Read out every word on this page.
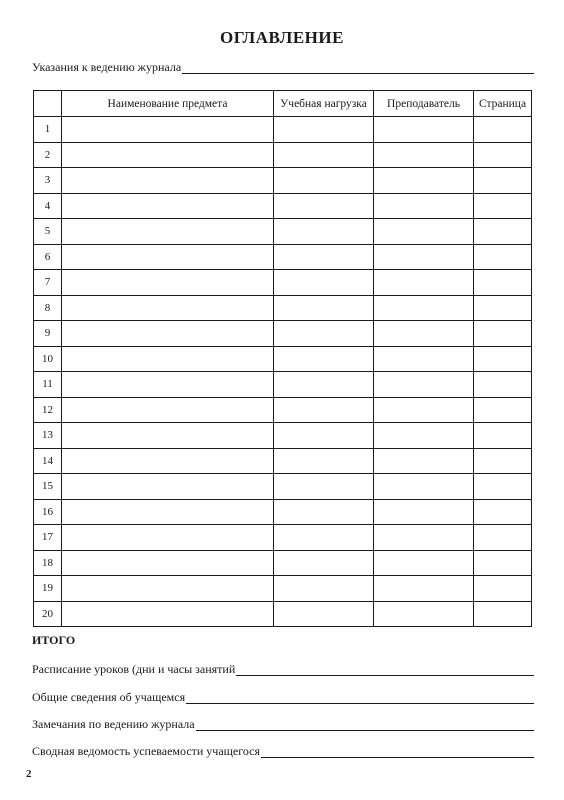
ОГЛАВЛЕНИЕ
Указания к ведению журнала
	Наименование предмета	Учебная нагрузка	Преподаватель	Страница
1				
2				
3				
4				
5				
6				
7				
8				
9				
10				
11				
12				
13				
14				
15				
16				
17				
18				
19				
20				
ИТОГО
Расписание уроков (дни и часы занятий
Общие сведения об учащемся
Замечания по ведению журнала
Сводная ведомость успеваемости учащегося
2
